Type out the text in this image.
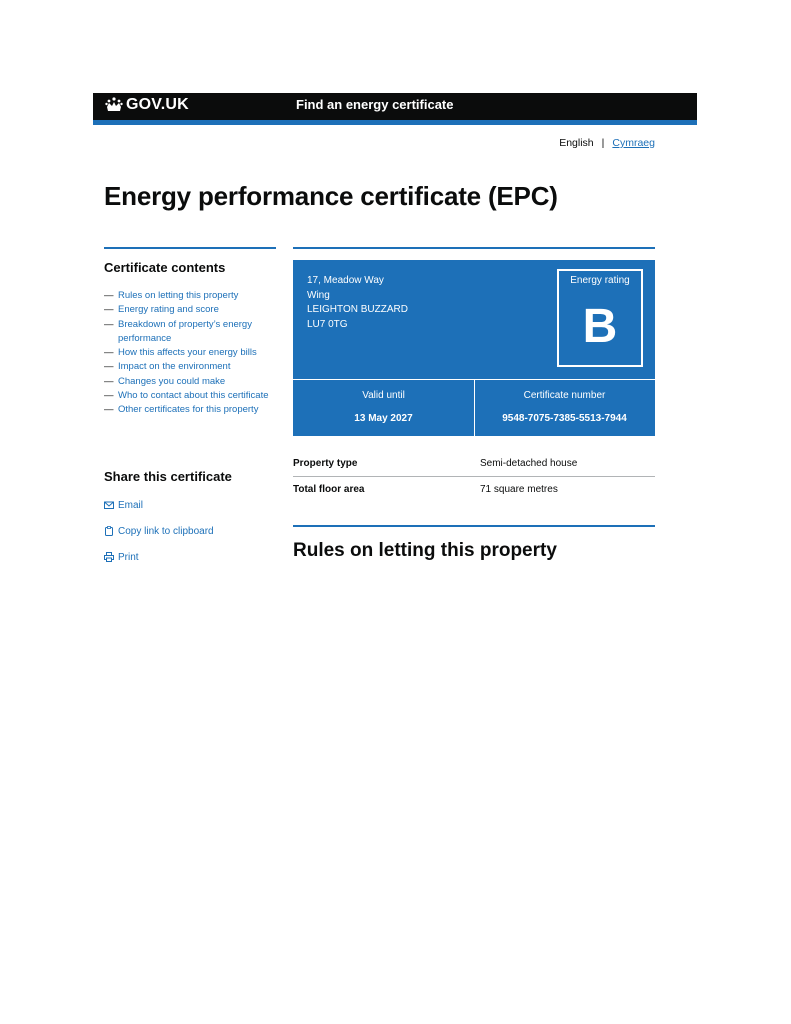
GOV.UK	Find an energy certificate
English | Cymraeg
Energy performance certificate (EPC)
Certificate contents
— Rules on letting this property
— Energy rating and score
— Breakdown of property’s energy performance
— How this affects your energy bills
— Impact on the environment
— Changes you could make
— Who to contact about this certificate
— Other certificates for this property
Share this certificate
Email
Copy link to clipboard
Print
17, Meadow Way
Wing
LEIGHTON BUZZARD
LU7 0TG
Energy rating
B
Valid until
13 May 2027
Certificate number
9548-7075-7385-5513-7944
Property type	Semi-detached house
Total floor area	71 square metres
Rules on letting this property
